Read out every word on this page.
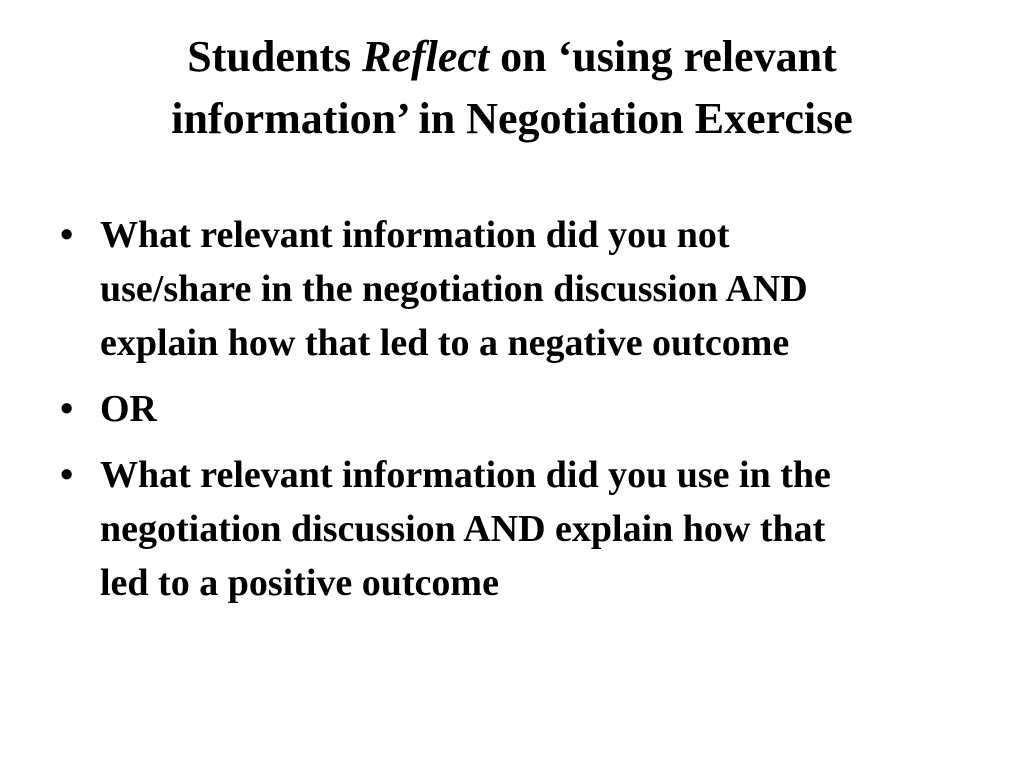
Students Reflect on ‘using relevant
information’ in Negotiation Exercise
• What relevant information did you not
use/share in the negotiation discussion AND
explain how that led to a negative outcome
• OR
• What relevant information did you use in the
negotiation discussion AND explain how that
led to a positive outcome
